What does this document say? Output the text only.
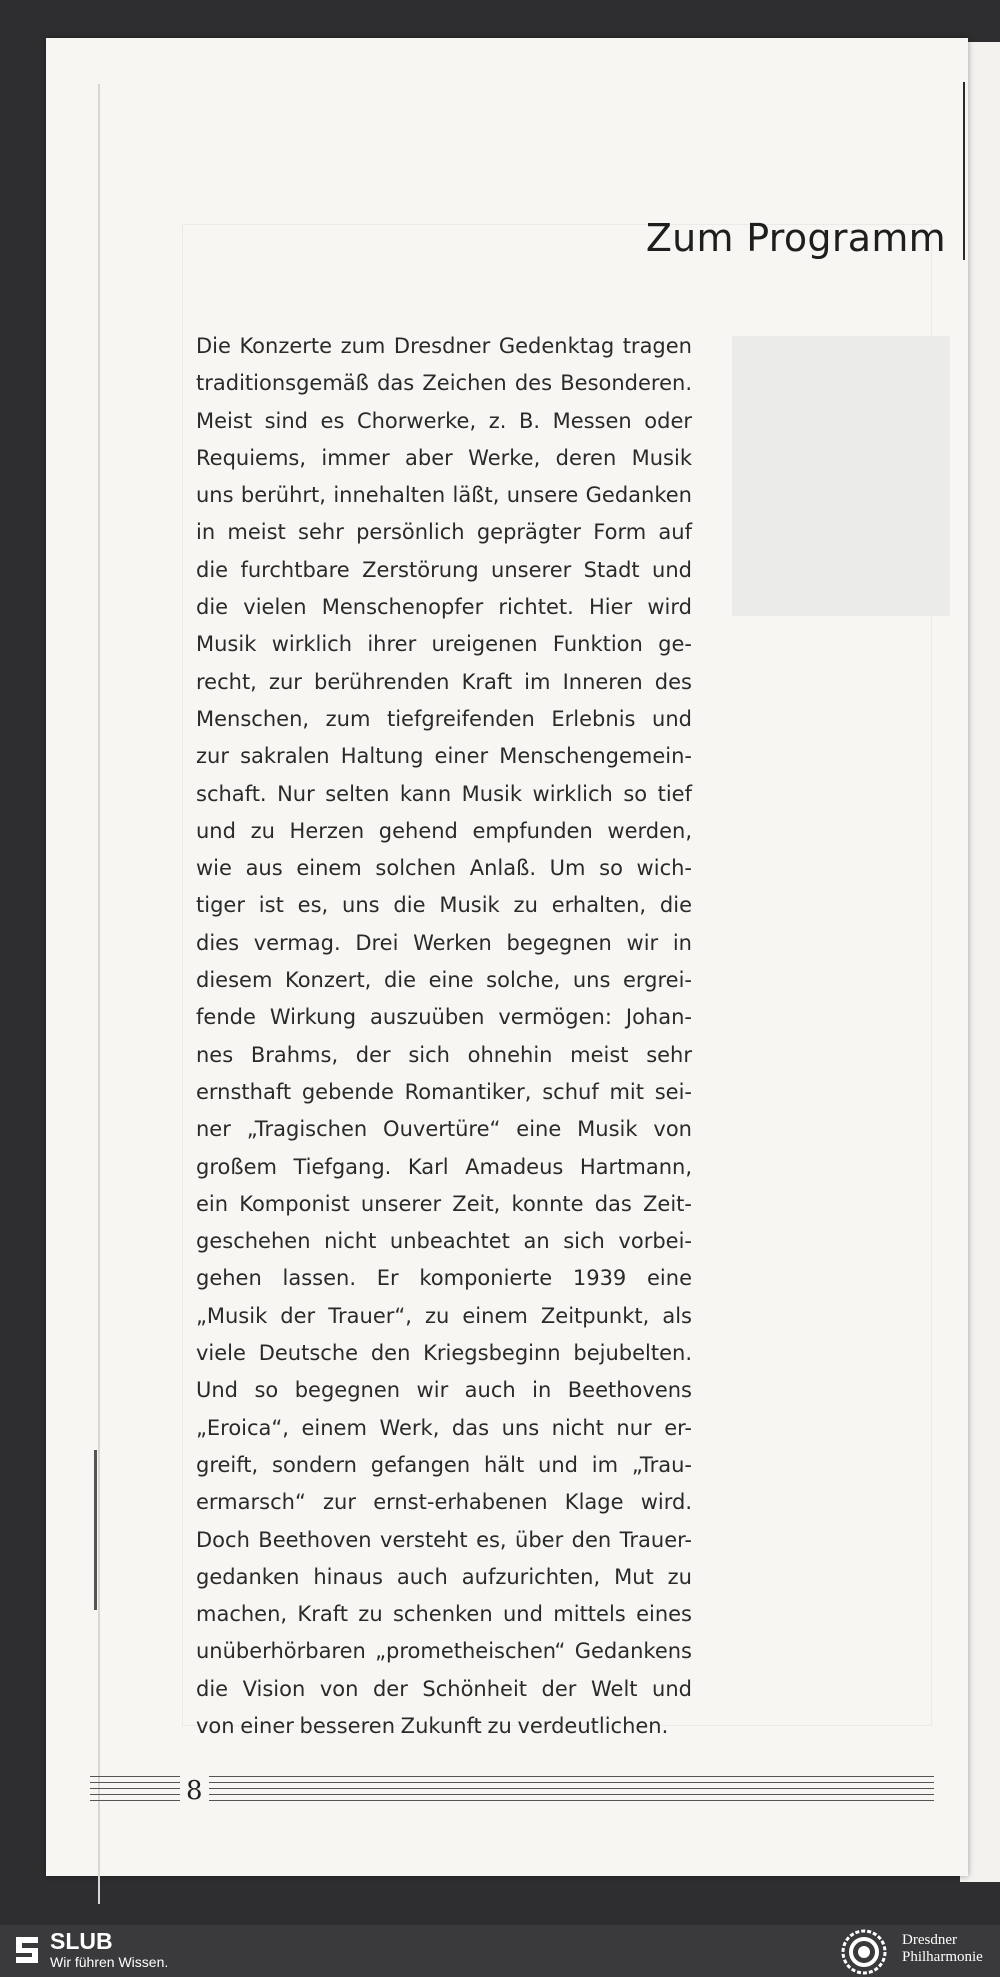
Zum Programm
Die Konzerte zum Dresdner Gedenktag tragen
traditionsgemäß das Zeichen des Besonderen.
Meist sind es Chorwerke, z. B. Messen oder
Requiems, immer aber Werke, deren Musik
uns berührt, innehalten läßt, unsere Gedanken
in meist sehr persönlich geprägter Form auf
die furchtbare Zerstörung unserer Stadt und
die vielen Menschenopfer richtet. Hier wird
Musik wirklich ihrer ureigenen Funktion ge-
recht, zur berührenden Kraft im Inneren des
Menschen, zum tiefgreifenden Erlebnis und
zur sakralen Haltung einer Menschengemein-
schaft. Nur selten kann Musik wirklich so tief
und zu Herzen gehend empfunden werden,
wie aus einem solchen Anlaß. Um so wich-
tiger ist es, uns die Musik zu erhalten, die
dies vermag. Drei Werken begegnen wir in
diesem Konzert, die eine solche, uns ergrei-
fende Wirkung auszuüben vermögen: Johan-
nes Brahms, der sich ohnehin meist sehr
ernsthaft gebende Romantiker, schuf mit sei-
ner „Tragischen Ouvertüre“ eine Musik von
großem Tiefgang. Karl Amadeus Hartmann,
ein Komponist unserer Zeit, konnte das Zeit-
geschehen nicht unbeachtet an sich vorbei-
gehen lassen. Er komponierte 1939 eine
„Musik der Trauer“, zu einem Zeitpunkt, als
viele Deutsche den Kriegsbeginn bejubelten.
Und so begegnen wir auch in Beethovens
„Eroica“, einem Werk, das uns nicht nur er-
greift, sondern gefangen hält und im „Trau-
ermarsch“ zur ernst-erhabenen Klage wird.
Doch Beethoven versteht es, über den Trauer-
gedanken hinaus auch aufzurichten, Mut zu
machen, Kraft zu schenken und mittels eines
unüberhörbaren „prometheischen“ Gedankens
die Vision von der Schönheit der Welt und
von einer besseren Zukunft zu verdeutlichen.
8
SLUB
Wir führen Wissen.
Dresdner
Philharmonie
